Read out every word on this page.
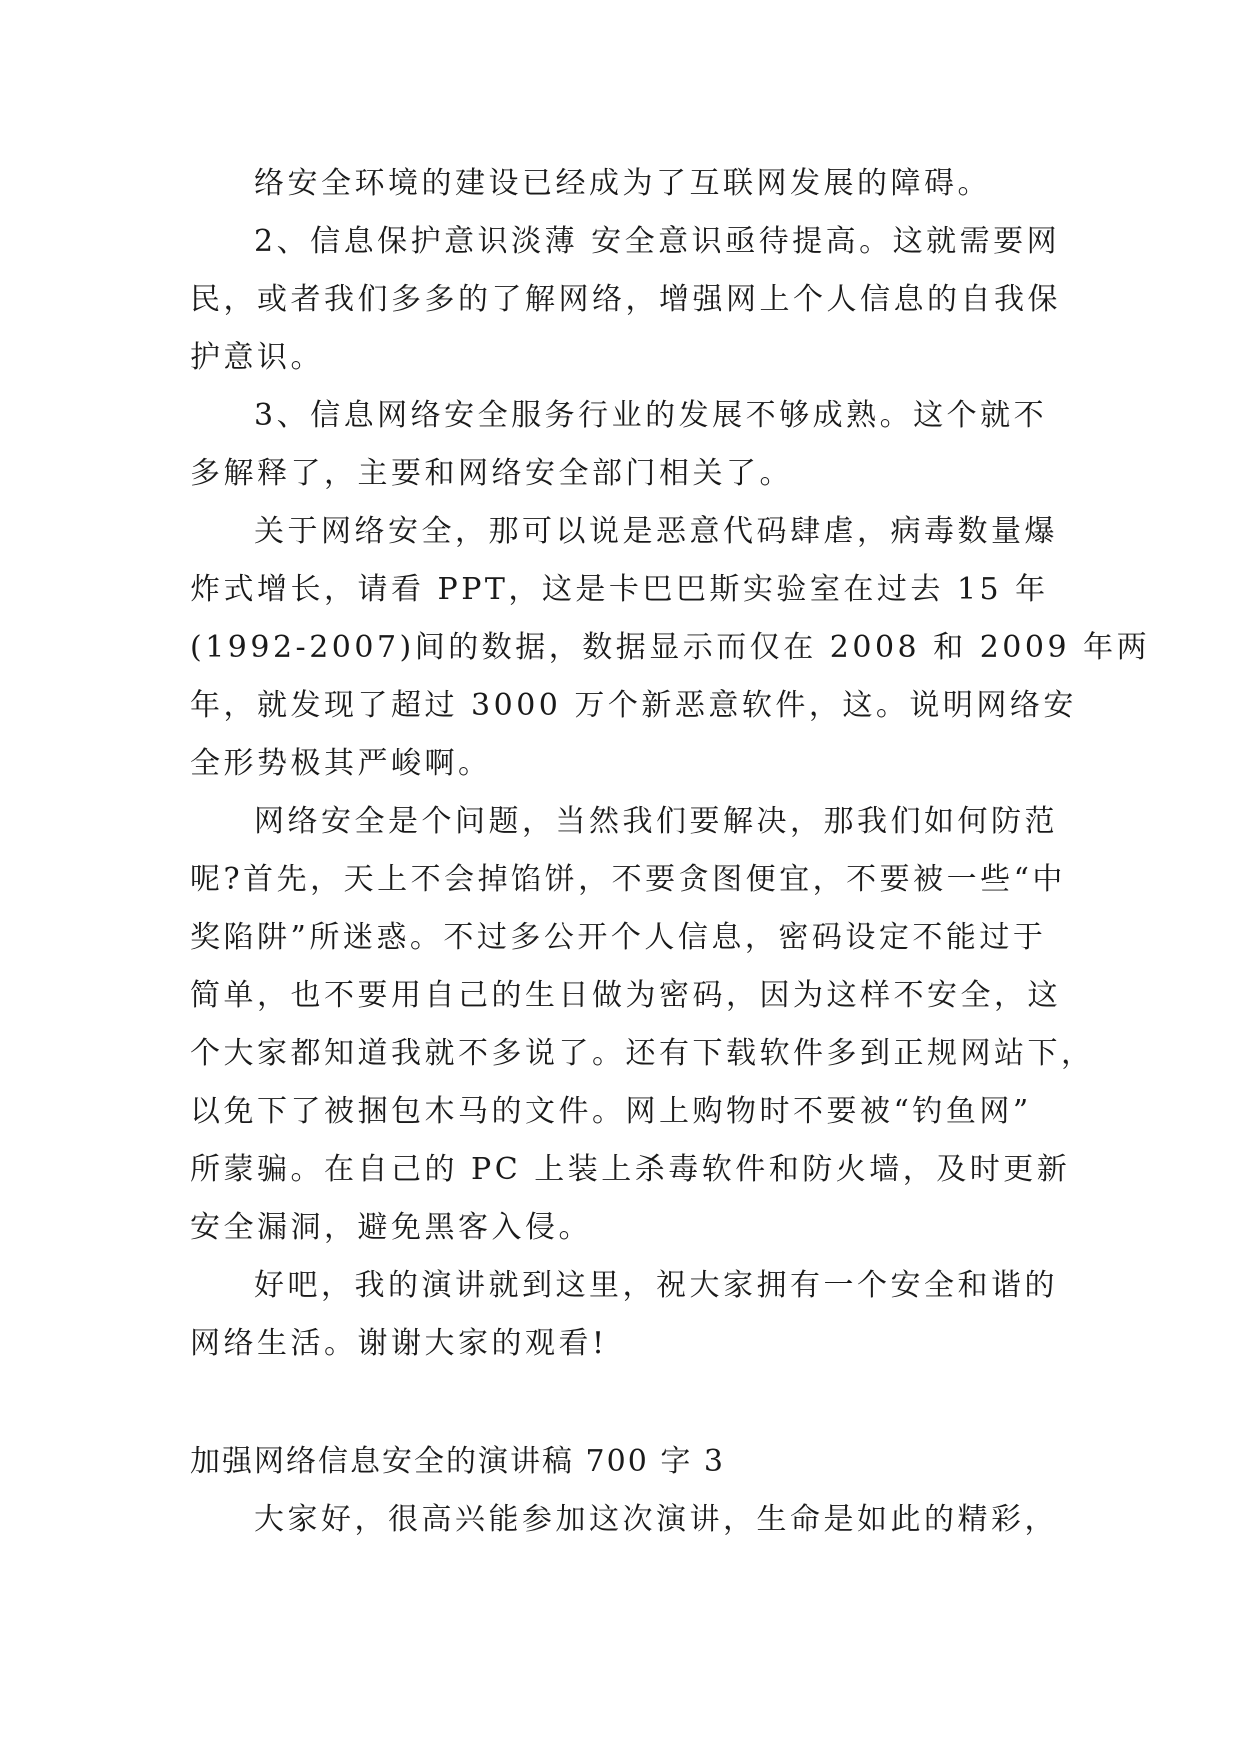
络安全环境的建设已经成为了互联网发展的障碍。
2、信息保护意识淡薄 安全意识亟待提高。这就需要网
民，或者我们多多的了解网络，增强网上个人信息的自我保
护意识。
3、信息网络安全服务行业的发展不够成熟。这个就不
多解释了，主要和网络安全部门相关了。
关于网络安全，那可以说是恶意代码肆虐，病毒数量爆
炸式增长，请看 PPT，这是卡巴巴斯实验室在过去 15 年
(1992-2007)间的数据，数据显示而仅在 2008 和 2009 年两
年，就发现了超过 3000 万个新恶意软件，这。说明网络安
全形势极其严峻啊。
网络安全是个问题，当然我们要解决，那我们如何防范
呢?首先，天上不会掉馅饼，不要贪图便宜，不要被一些“中
奖陷阱”所迷惑。不过多公开个人信息，密码设定不能过于
简单，也不要用自己的生日做为密码，因为这样不安全，这
个大家都知道我就不多说了。还有下载软件多到正规网站下，
以免下了被捆包木马的文件。网上购物时不要被“钓鱼网”
所蒙骗。在自己的 PC 上装上杀毒软件和防火墙，及时更新
安全漏洞，避免黑客入侵。
好吧，我的演讲就到这里，祝大家拥有一个安全和谐的
网络生活。谢谢大家的观看!
加强网络信息安全的演讲稿 700 字 3
大家好，很高兴能参加这次演讲，生命是如此的精彩，
